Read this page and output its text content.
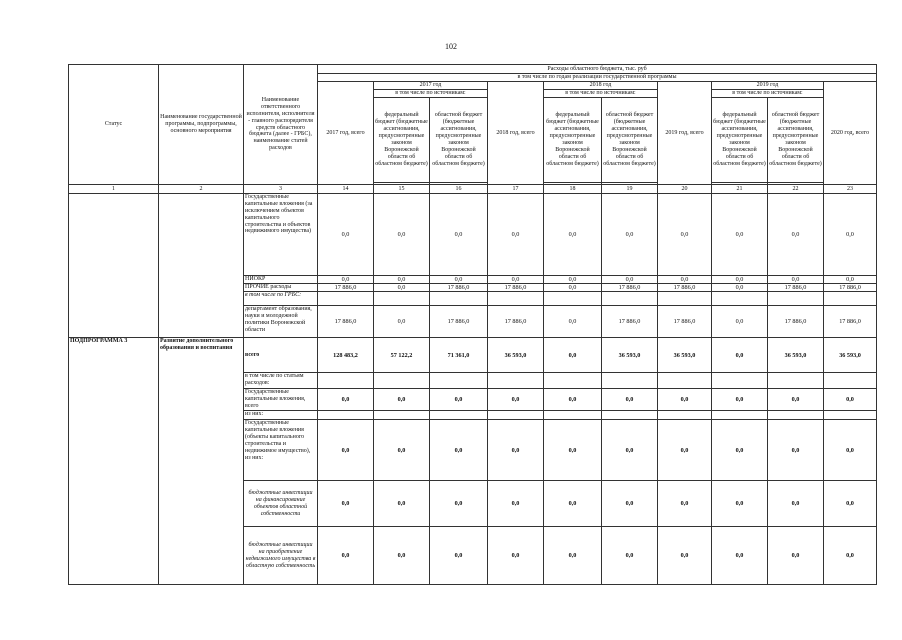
102
Статус	Наименование государственной программы, подпрограммы, основного мероприятия	Наименование ответственного исполнителя, исполнителя - главного распорядителя средств областного бюджета (далее - ГРБС), наименование статей расходов	Расходы областного бюджета, тыс. руб									
			в том числе по годам реализации государственной программы									
			2017 год, всего	2017 год		2018 год, всего	2018 год		2019 год, всего	2019 год		2020 год, всего
				в том числе по источникам:			в том числе по источникам:			в том числе по источникам:		
				федеральный бюджет (бюджетные ассигнования, предусмотренные законом Воронежской области об областном бюджете)	областной бюджет (бюджетные ассигнования, предусмотренные законом Воронежской области об областном бюджете)		федеральный бюджет (бюджетные ассигнования, предусмотренные законом Воронежской области об областном бюджете)	областной бюджет (бюджетные ассигнования, предусмотренные законом Воронежской области об областном бюджете)		федеральный бюджет (бюджетные ассигнования, предусмотренные законом Воронежской области об областном бюджете)	областной бюджет (бюджетные ассигнования, предусмотренные законом Воронежской области об областном бюджете)	

1	2	3	14	15	16	17	18	19	20	21	22	23
		Государственные капитальные вложения (за исключением объектов капитального строительства и объектов недвижимого имущества)	0,0	0,0	0,0	0,0	0,0	0,0	0,0	0,0	0,0	0,0
		НИОКР	0,0	0,0	0,0	0,0	0,0	0,0	0,0	0,0	0,0	0,0
		ПРОЧИЕ расходы	17 886,0	0,0	17 886,0	17 886,0	0,0	17 886,0	17 886,0	0,0	17 886,0	17 886,0
		в том числе по ГРБС:										
		департамент образования, науки и молодежной политики Воронежской области	17 886,0	0,0	17 886,0	17 886,0	0,0	17 886,0	17 886,0	0,0	17 886,0	17 886,0
ПОДПРОГРАММА 3	Развитие дополнительного образования и воспитания	всего	128 483,2	57 122,2	71 361,0	36 593,0	0,0	36 593,0	36 593,0	0,0	36 593,0	36 593,0
		в том числе по статьям расходов:										
		Государственные капитальные вложения, всего	0,0	0,0	0,0	0,0	0,0	0,0	0,0	0,0	0,0	0,0
		из них:										
		Государственные капитальные вложения (объекты капитального строительства и недвижимое имущество), из них:	0,0	0,0	0,0	0,0	0,0	0,0	0,0	0,0	0,0	0,0
		бюджетные инвестиции на финансирование объектов областной собственности	0,0	0,0	0,0	0,0	0,0	0,0	0,0	0,0	0,0	0,0
		бюджетные инвестиции на приобретение недвижимого имущества в областную собственность	0,0	0,0	0,0	0,0	0,0	0,0	0,0	0,0	0,0	0,0
